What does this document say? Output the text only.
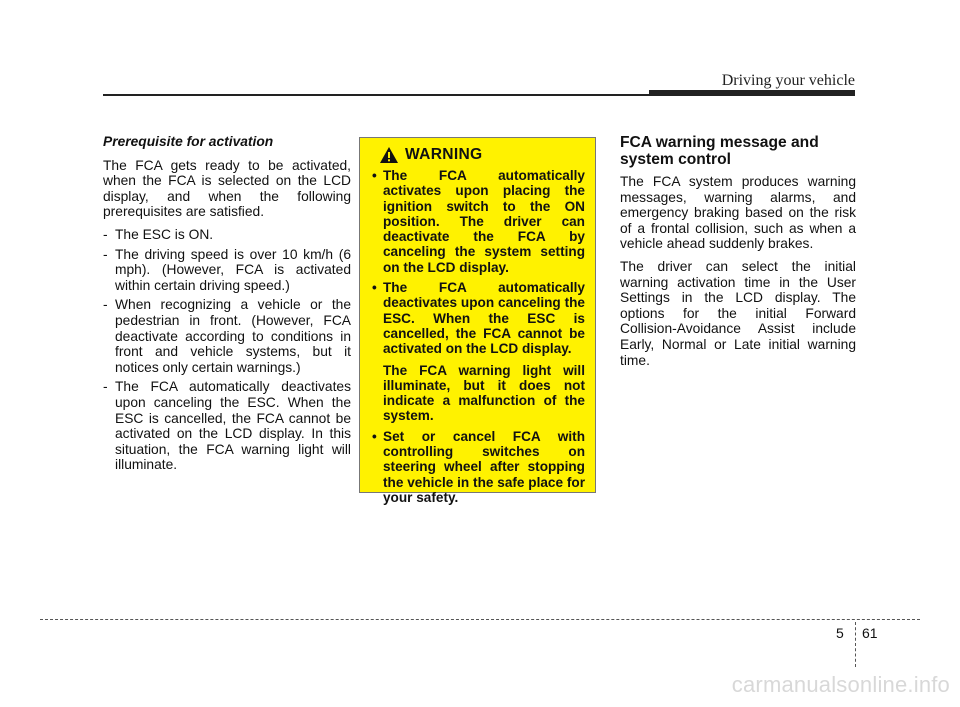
Driving your vehicle
Prerequisite for activation

The FCA gets ready to be activated, when the FCA is selected on the LCD display, and when the following prerequisites are satisfied.

- The ESC is ON.
- The driving speed is over 10 km/h (6 mph). (However, FCA is activated within certain driving speed.)
- When recognizing a vehicle or the pedestrian in front. (However, FCA deactivate according to conditions in front and vehicle systems, but it notices only certain warnings.)
- The FCA automatically deactivates upon canceling the ESC. When the ESC is cancelled, the FCA cannot be activated on the LCD display. In this situation, the FCA warning light will illuminate.
WARNING
• The FCA automatically activates upon placing the ignition switch to the ON position. The driver can deactivate the FCA by canceling the system setting on the LCD display.
• The FCA automatically deactivates upon canceling the ESC. When the ESC is cancelled, the FCA cannot be activated on the LCD display.
The FCA warning light will illuminate, but it does not indicate a malfunction of the system.
• Set or cancel FCA with controlling switches on steering wheel after stopping the vehicle in the safe place for your safety.
FCA warning message and system control

The FCA system produces warning messages, warning alarms, and emergency braking based on the risk of a frontal collision, such as when a vehicle ahead suddenly brakes.

The driver can select the initial warning activation time in the User Settings in the LCD display. The options for the initial Forward Collision-Avoidance Assist include Early, Normal or Late initial warning time.

5 61
carmanualsonline.info
